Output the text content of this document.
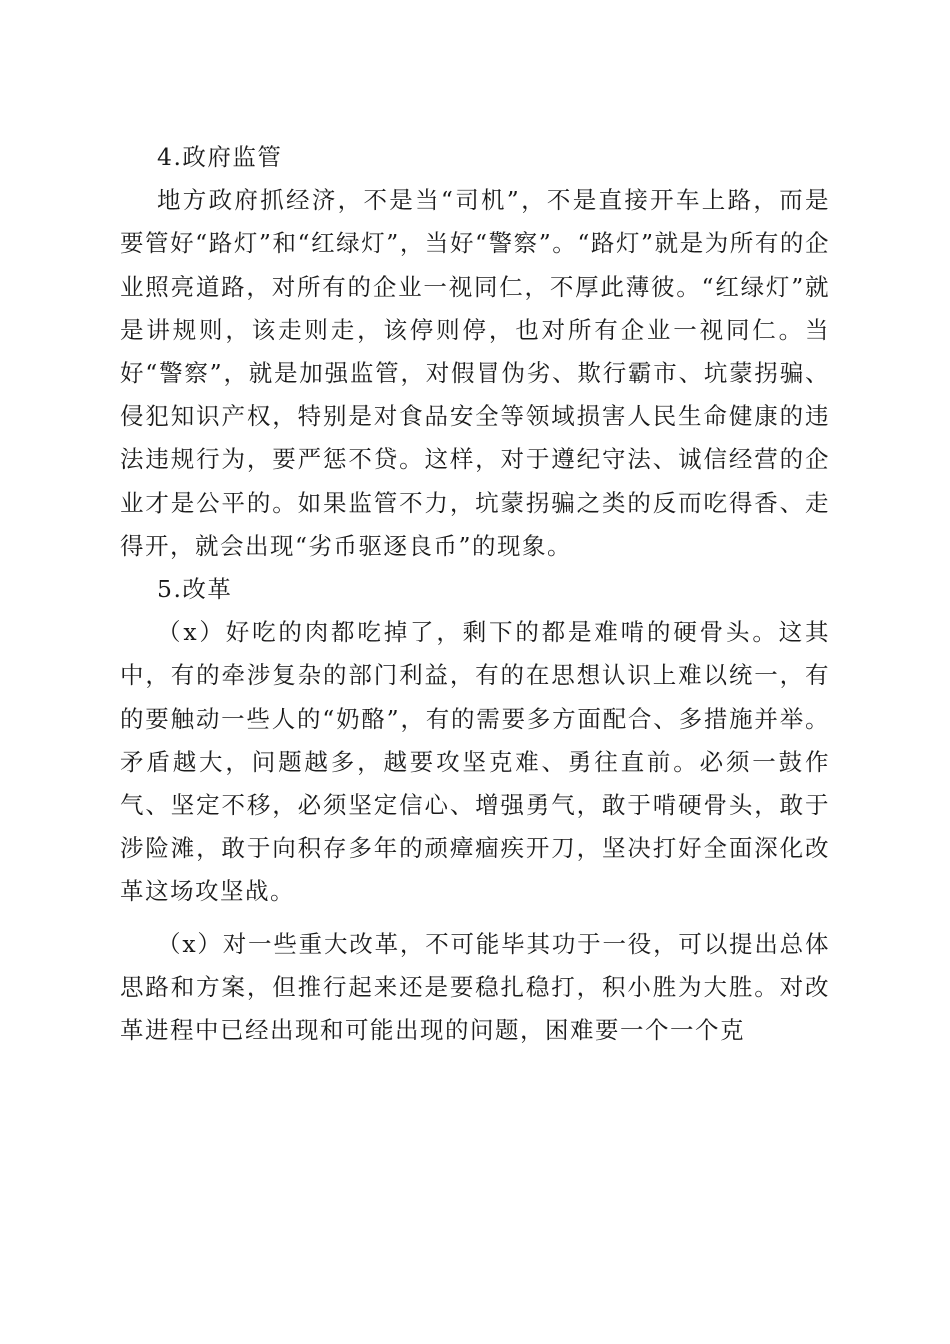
4.政府监管

地方政府抓经济，不是当“司机”，不是直接开车上路，而是要管好“路灯”和“红绿灯”，当好“警察”。“路灯”就是为所有的企业照亮道路，对所有的企业一视同仁，不厚此薄彼。“红绿灯”就是讲规则，该走则走，该停则停，也对所有企业一视同仁。当好“警察”，就是加强监管，对假冒伪劣、欺行霸市、坑蒙拐骗、侵犯知识产权，特别是对食品安全等领域损害人民生命健康的违法违规行为，要严惩不贷。这样，对于遵纪守法、诚信经营的企业才是公平的。如果监管不力，坑蒙拐骗之类的反而吃得香、走得开，就会出现“劣币驱逐良币”的现象。

5.改革

（x）好吃的肉都吃掉了，剩下的都是难啃的硬骨头。这其中，有的牵涉复杂的部门利益，有的在思想认识上难以统一，有的要触动一些人的“奶酪”，有的需要多方面配合、多措施并举。矛盾越大，问题越多，越要攻坚克难、勇往直前。必须一鼓作气、坚定不移，必须坚定信心、增强勇气，敢于啃硬骨头，敢于涉险滩，敢于向积存多年的顽瘴痼疾开刀，坚决打好全面深化改革这场攻坚战。

（x）对一些重大改革，不可能毕其功于一役，可以提出总体思路和方案，但推行起来还是要稳扎稳打，积小胜为大胜。对改革进程中已经出现和可能出现的问题，困难要一个一个克
